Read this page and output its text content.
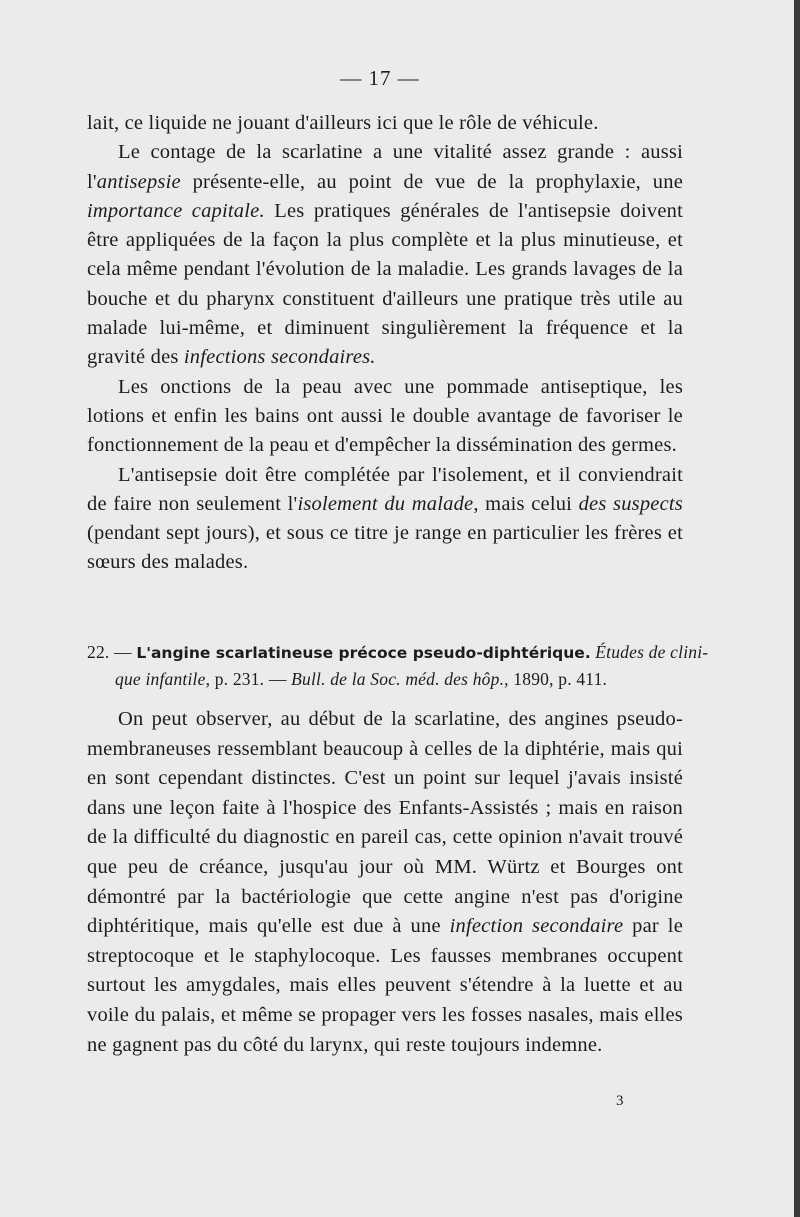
— 17 —

lait, ce liquide ne jouant d'ailleurs ici que le rôle de véhicule.

Le contage de la scarlatine a une vitalité assez grande : aussi l'antisepsie présente-elle, au point de vue de la prophylaxie, une importance capitale. Les pratiques générales de l'antisepsie doivent être appliquées de la façon la plus complète et la plus minutieuse, et cela même pendant l'évolution de la maladie. Les grands lavages de la bouche et du pharynx constituent d'ailleurs une pratique très utile au malade lui-même, et diminuent singulièrement la fréquence et la gravité des infections secondaires.

Les onctions de la peau avec une pommade antiseptique, les lotions et enfin les bains ont aussi le double avantage de favoriser le fonctionnement de la peau et d'empêcher la dissémination des germes.

L'antisepsie doit être complétée par l'isolement, et il conviendrait de faire non seulement l'isolement du malade, mais celui des suspects (pendant sept jours), et sous ce titre je range en particulier les frères et sœurs des malades.

22. — L'angine scarlatineuse précoce pseudo-diphtérique. Études de clini-
que infantile, p. 231. — Bull. de la Soc. méd. des hôp., 1890, p. 411.

On peut observer, au début de la scarlatine, des angines pseudo-membraneuses ressemblant beaucoup à celles de la diphtérie, mais qui en sont cependant distinctes. C'est un point sur lequel j'avais insisté dans une leçon faite à l'hospice des Enfants-Assistés ; mais en raison de la difficulté du diagnostic en pareil cas, cette opinion n'avait trouvé que peu de créance, jusqu'au jour où MM. Würtz et Bourges ont démontré par la bactériologie que cette angine n'est pas d'origine diphtéritique, mais qu'elle est due à une infection secondaire par le streptocoque et le staphylocoque. Les fausses membranes occupent surtout les amygdales, mais elles peuvent s'étendre à la luette et au voile du palais, et même se propager vers les fosses nasales, mais elles ne gagnent pas du côté du larynx, qui reste toujours indemne.

3
